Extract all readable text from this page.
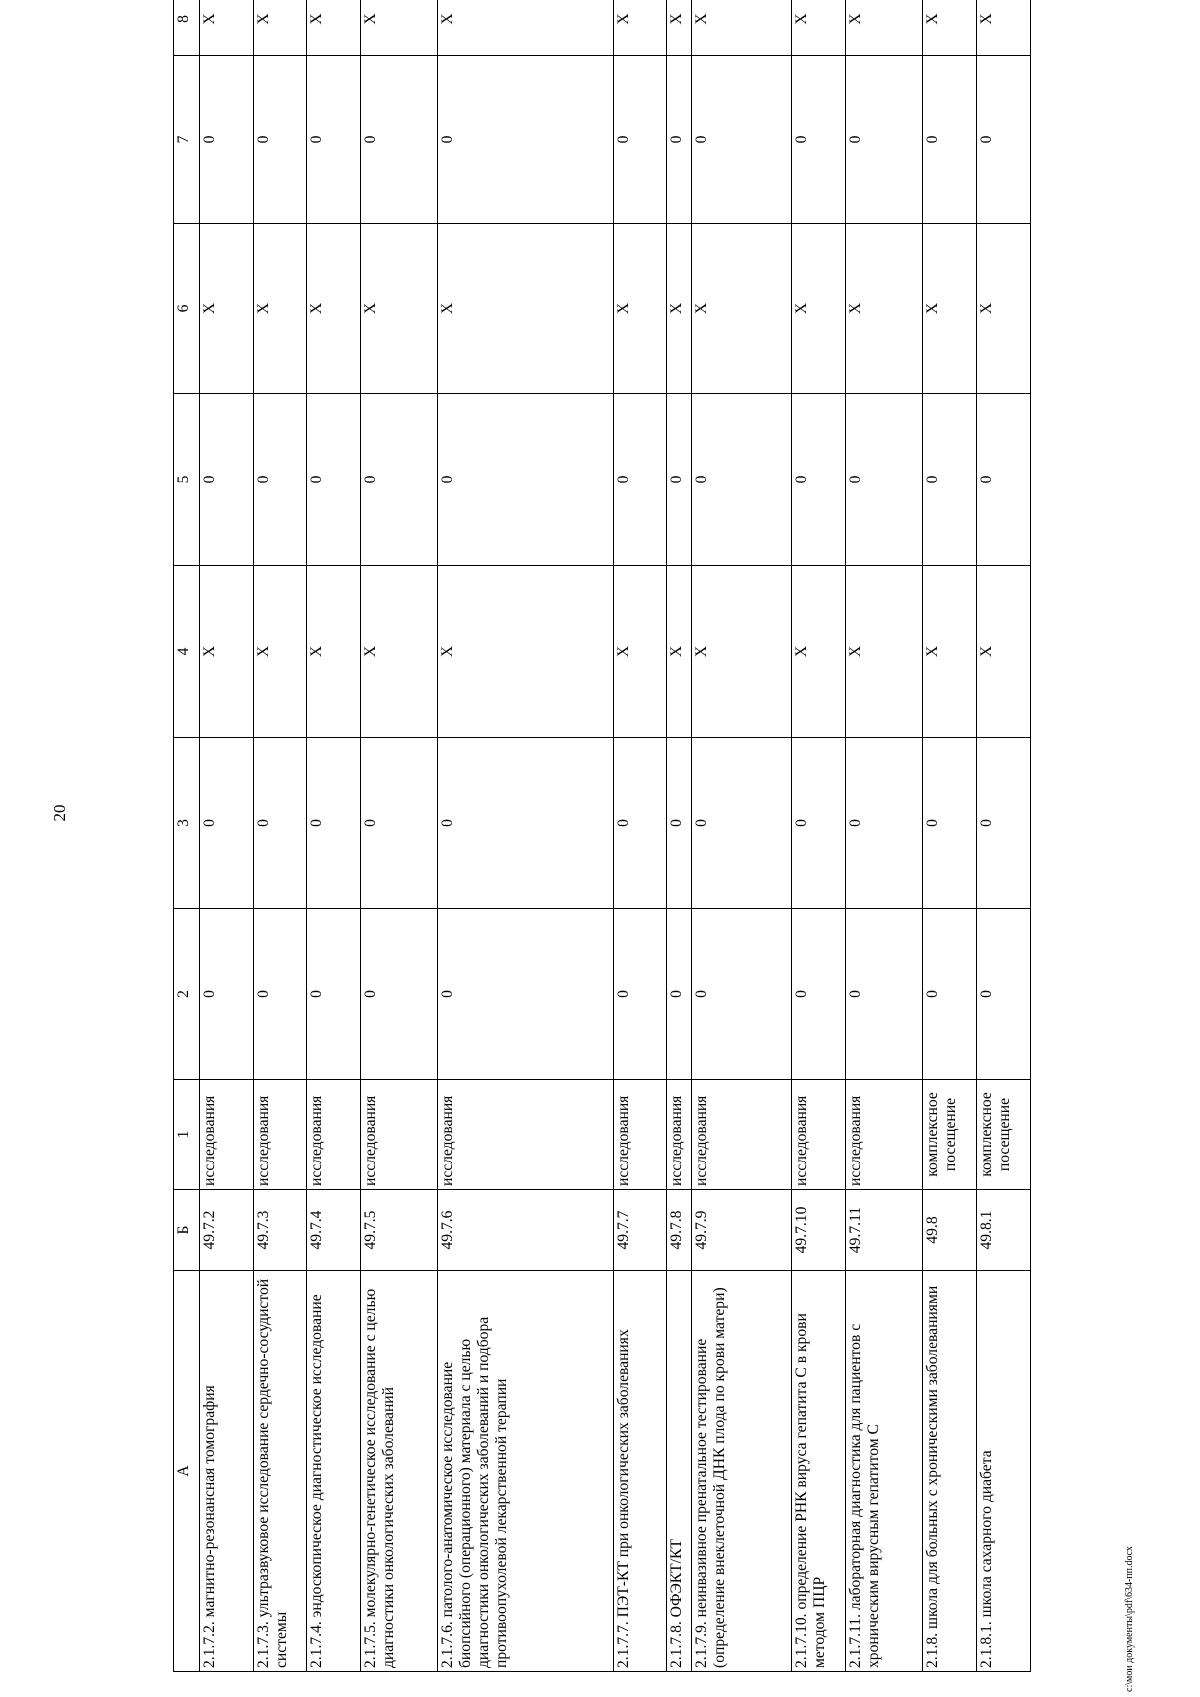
20
А	Б	1	2	3	4	5	6	7	8
2.1.7.2. магнитно-резонансная томография	49.7.2	исследования	0	0	Х	0	Х	0	Х
2.1.7.3. ультразвуковое исследование сердечно-сосудистой системы	49.7.3	исследования	0	0	Х	0	Х	0	Х
2.1.7.4. эндоскопическое диагностическое исследование	49.7.4	исследования	0	0	Х	0	Х	0	Х
2.1.7.5. молекулярно-генетическое исследование с целью диагностики онкологических заболеваний	49.7.5	исследования	0	0	Х	0	Х	0	Х
2.1.7.6. патолого-анатомическое исследование биопсийного (операционного) материала с целью диагностики онкологических заболеваний и подбора противоопухолевой лекарственной терапии	49.7.6	исследования	0	0	Х	0	Х	0	Х
2.1.7.7. ПЭТ-КТ при онкологических заболеваниях	49.7.7	исследования	0	0	Х	0	Х	0	Х
2.1.7.8. ОФЭКТ/КТ	49.7.8	исследования	0	0	Х	0	Х	0	Х
2.1.7.9. неинвазивное пренатальное тестирование (определение внеклеточной ДНК плода по крови матери)	49.7.9	исследования	0	0	Х	0	Х	0	Х
2.1.7.10. определение РНК вируса гепатита С в крови методом ПЦР	49.7.10	исследования	0	0	Х	0	Х	0	Х
2.1.7.11. лабораторная диагностика для пациентов с хроническим вирусным гепатитом С	49.7.11	исследования	0	0	Х	0	Х	0	Х
2.1.8. школа для больных с хроническими заболеваниями	49.8	комплексное посещение	0	0	Х	0	Х	0	Х
2.1.8.1. школа сахарного диабета	49.8.1	комплексное посещение	0	0	Х	0	Х	0	Х
c:\мои документы\pdf\634-пп.docx
